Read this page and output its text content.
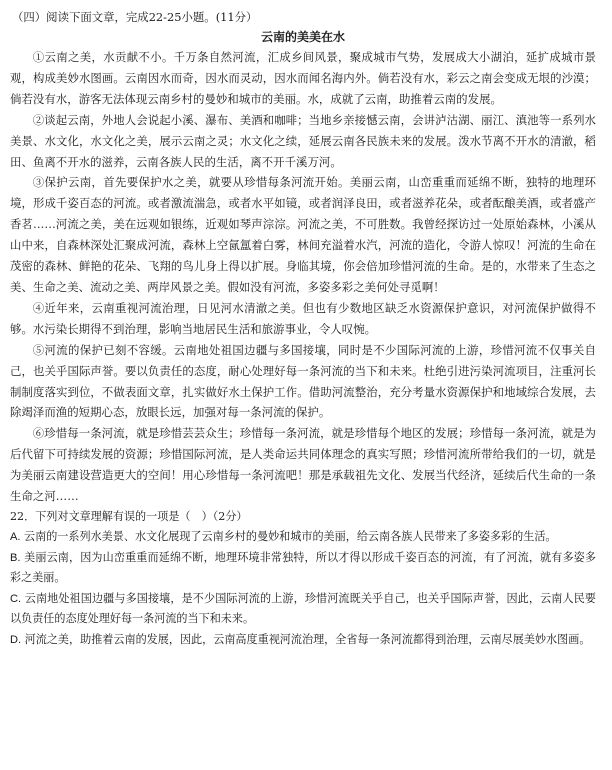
（四）阅读下面文章，完成22-25小题。(11分）
云南的美美在水

①云南之美，水贡献不小。千万条自然河流，汇成乡间风景，聚成城市气势，发展成大小湖泊，延扩成城市景观，构成美妙水图画。云南因水而奇，因水而灵动，因水而闻名海内外。倘若没有水，彩云之南会变成无垠的沙漠；倘若没有水，游客无法体现云南乡村的曼妙和城市的美丽。水，成就了云南，助推着云南的发展。

②谈起云南，外地人会说起小溪、瀑布、美酒和咖啡；当地乡亲接憾云南，会讲泸沽湖、丽江、滇池等一系列水美景、水文化，水文化之美，展示云南之灵；水文化之续，延展云南各民族未来的发展。泼水节离不开水的清澈，稻田、鱼离不开水的滋养，云南各族人民的生活，离不开千溪万河。

③保护云南，首先要保护水之美，就要从珍惜每条河流开始。美丽云南，山峦重重而延绵不断，独特的地理环境，形成千姿百态的河流。或者激流湍急，或者水平如镜，或者润泽良田，或者滋养花朵，或者酝酿美酒，或者盛产香茗……河流之美，美在远观如银练，近观如琴声淙淙。河流之美，不可胜数。我曾经探访过一处原始森林，小溪从山中来，自森林深处汇聚成河流，森林上空氤氲着白雾，林间充溢着水汽，河流的造化，令游人惊叹！河流的生命在茂密的森林、鲜艳的花朵、飞翔的鸟儿身上得以扩展。身临其境，你会倍加珍惜河流的生命。是的，水带来了生态之美、生命之美、流动之美、两岸风景之美。假如没有河流，多姿多彩之美何处寻觅啊！

④近年来，云南重视河流治理，日见河水清澈之美。但也有少数地区缺乏水资源保护意识，对河流保护做得不够。水污染长期得不到治理，影响当地居民生活和旅游事业，令人叹惋。

⑤河流的保护已刻不容缓。云南地处祖国边疆与多国接壤，同时是不少国际河流的上游，珍惜河流不仅事关自己，也关乎国际声誉。要以负责任的态度，耐心处理好每一条河流的当下和未来。杜绝引进污染河流项目，注重河长制制度落实到位，不做表面文章，扎实做好水土保护工作。借助河流整治，充分考量水资源保护和地域综合发展，去除竭泽而渔的短期心态，放眼长远，加强对每一条河流的保护。

⑥珍惜每一条河流，就是珍惜芸芸众生；珍惜每一条河流，就是珍惜每个地区的发展；珍惜每一条河流，就是为后代留下可持续发展的资源；珍惜国际河流，是人类命运共同体理念的真实写照；珍惜河流所带给我们的一切，就是为美丽云南建设营造更大的空间！用心珍惜每一条河流吧！那是承载祖先文化、发展当代经济，延续后代生命的一条生命之河……

22．下列对文章理解有误的一项是（　）（2分）

A. 云南的一系列水美景、水文化展现了云南乡村的曼妙和城市的美丽，给云南各族人民带来了多姿多彩的生活。

B. 美丽云南，因为山峦重重而延绵不断，地理环境非常独特，所以才得以形成千姿百态的河流，有了河流，就有多姿多彩之美丽。

C. 云南地处祖国边疆与多国接壤，是不少国际河流的上游，珍惜河流既关乎自己，也关乎国际声誉，因此，云南人民要以负责任的态度处理好每一条河流的当下和未来。

D. 河流之美，助推着云南的发展，因此，云南高度重视河流治理，全省每一条河流都得到治理，云南尽展美妙水图画。
